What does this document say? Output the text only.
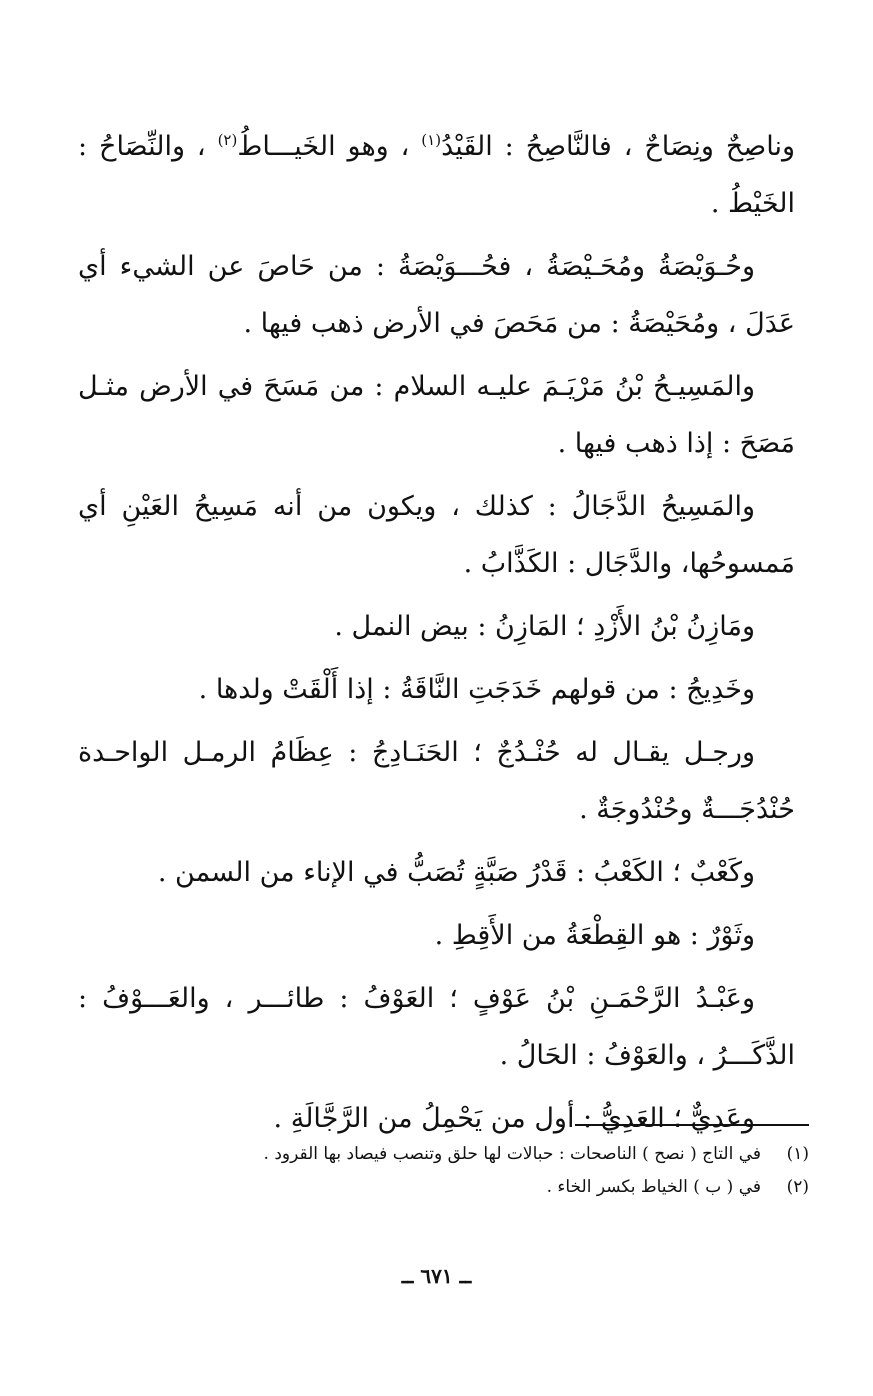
وناصِحٌ ونِصَاحٌ ، فالنَّاصِحُ : القَيْدُ$^{(١)}$ ، وهو الخَيـــاطُ$^{(٢)}$ ، والنِّصَاحُ : الخَيْطُ .

وحُـوَيْصَةُ ومُحَـيْصَةُ ، فحُـــوَيْصَةُ : من حَاصَ عن الشيء أي عَدَلَ ، ومُحَيْصَةُ : من مَحَصَ في الأرض ذهب فيها .

والمَسِيـحُ بْنُ مَرْيَـمَ عليـه السلام : من مَسَحَ في الأرض مثـل مَصَحَ : إذا ذهب فيها .

والمَسِيحُ الدَّجَالُ : كذلك ، ويكون من أنه مَسِيحُ العَيْنِ أي مَمسوحُها، والدَّجَال : الكَذَّابُ .

ومَازِنُ بْنُ الأَزْدِ ؛ المَازِنُ : بيض النمل .

وخَدِيجُ : من قولهم خَدَجَتِ النَّاقَةُ : إذا أَلْقَتْ ولدها .

ورجـل يقـال له حُنْـدُجٌ ؛ الحَنَـادِجُ : عِظَامُ الرمـل الواحـدة حُنْدُجَـــةٌ وحُنْدُوجَةٌ .

وكَعْبٌ ؛ الكَعْبُ : قَدْرُ صَبَّةٍ تُصَبُّ في الإناء من السمن .

وثَوْرٌ : هو القِطْعَةُ من الأَقِطِ .

وعَبْـدُ الرَّحْمَـنِ بْنُ عَوْفٍ ؛ العَوْفُ : طائـــر ، والعَـــوْفُ : الذَّكَـــرُ ، والعَوْفُ : الحَالُ .

وعَدِيٌّ ؛ العَدِيُّ : أول من يَحْمِلُ من الرَّجَّالَةِ .

(١)
في التاج ( نصح ) الناصحات : حبالات لها حلق وتنصب فيصاد بها القرود .
(٢)
في ( ب ) الخياط بكسر الخاء .
ــ ٦٧١ ــ
